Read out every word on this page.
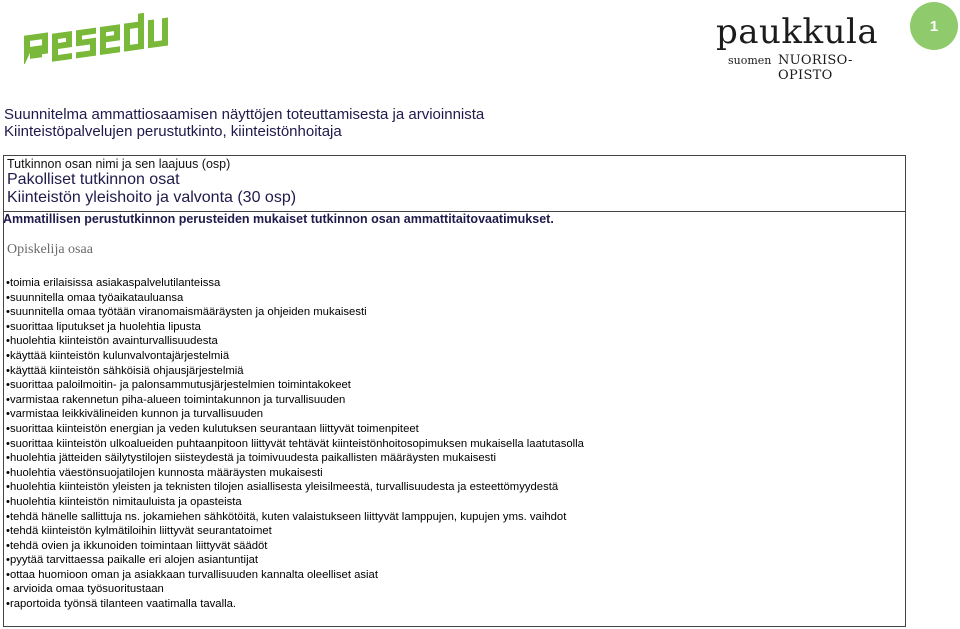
paukkula
suomen NUORISO-OPISTO
1
Suunnitelma ammattiosaamisen näyttöjen toteuttamisesta ja arvioinnista
Kiinteistöpalvelujen perustutkinto, kiinteistönhoitaja
Tutkinnon osan nimi ja sen laajuus (osp)
Pakolliset tutkinnon osat
Kiinteistön yleishoito ja valvonta (30 osp)
Ammatillisen perustutkinnon perusteiden mukaiset tutkinnon osan ammattitaitovaatimukset.
Opiskelija osaa
•toimia erilaisissa asiakaspalvelutilanteissa
•suunnitella omaa työaikatauluansa
•suunnitella omaa työtään viranomaismääräysten ja ohjeiden mukaisesti
•suorittaa liputukset ja huolehtia lipusta
•huolehtia kiinteistön avainturvallisuudesta
•käyttää kiinteistön kulunvalvontajärjestelmiä
•käyttää kiinteistön sähköisiä ohjausjärjestelmiä
•suorittaa paloilmoitin- ja palonsammutusjärjestelmien toimintakokeet
•varmistaa rakennetun piha-alueen toimintakunnon ja turvallisuuden
•varmistaa leikkivälineiden kunnon ja turvallisuuden
•suorittaa kiinteistön energian ja veden kulutuksen seurantaan liittyvät toimenpiteet
•suorittaa kiinteistön ulkoalueiden puhtaanpitoon liittyvät tehtävät kiinteistönhoitosopimuksen mukaisella laatutasolla
•huolehtia jätteiden säilytystilojen siisteydestä ja toimivuudesta paikallisten määräysten mukaisesti
•huolehtia väestönsuojatilojen kunnosta määräysten mukaisesti
•huolehtia kiinteistön yleisten ja teknisten tilojen asiallisesta yleisilmeestä, turvallisuudesta ja esteettömyydestä
•huolehtia kiinteistön nimitauluista ja opasteista
•tehdä hänelle sallittuja ns. jokamiehen sähkötöitä, kuten valaistukseen liittyvät lamppujen, kupujen yms. vaihdot
•tehdä kiinteistön kylmätiloihin liittyvät seurantatoimet
•tehdä ovien ja ikkunoiden toimintaan liittyvät säädöt
•pyytää tarvittaessa paikalle eri alojen asiantuntijat
•ottaa huomioon oman ja asiakkaan turvallisuuden kannalta oleelliset asiat
• arvioida omaa työsuoritustaan
•raportoida työnsä tilanteen vaatimalla tavalla.
